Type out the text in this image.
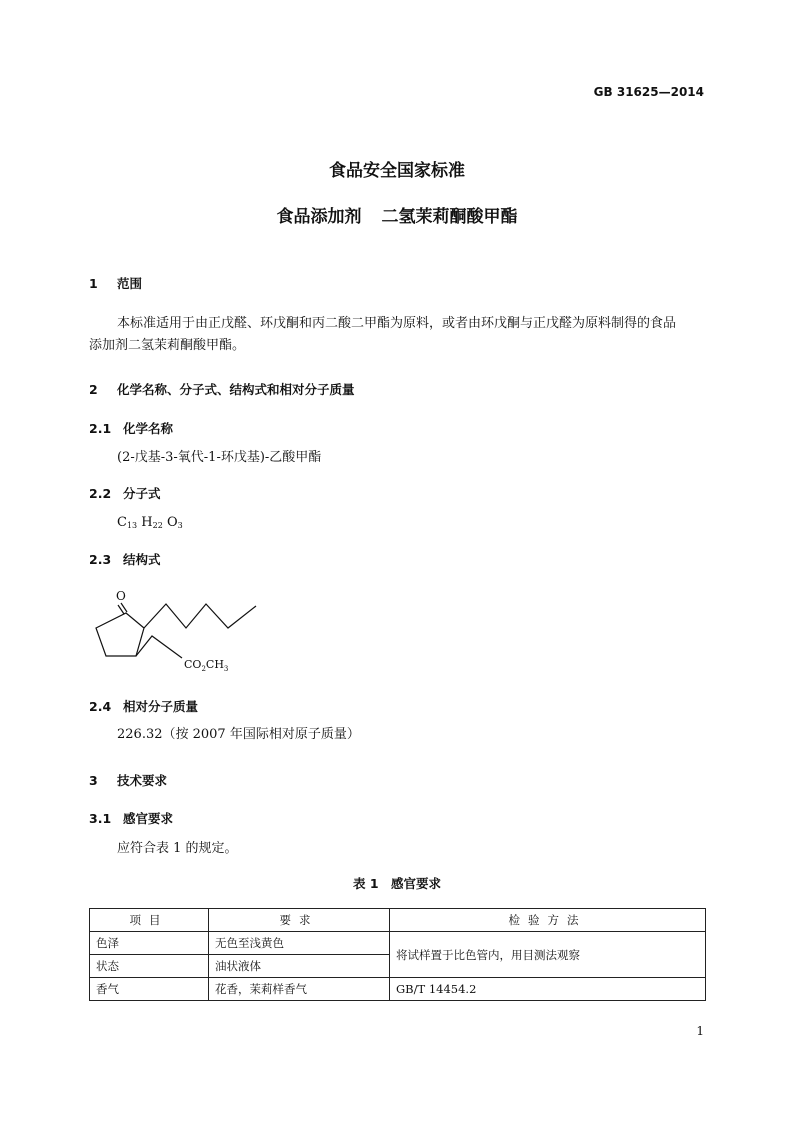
GB 31625—2014
食品安全国家标准
食品添加剂 二氢茉莉酮酸甲酯
1 范围
本标准适用于由正戊醛、环戊酮和丙二酸二甲酯为原料，或者由环戊酮与正戊醛为原料制得的食品
添加剂二氢茉莉酮酸甲酯。
2 化学名称、分子式、结构式和相对分子质量
2.1 化学名称
(2-戊基-3-氧代-1-环戊基)-乙酸甲酯
2.2 分子式
$C_{13}$ $H_{22}$ $O_3$
2.3 结构式
O
$CO_2CH_3$
2.4 相对分子质量
226.32（按 2007 年国际相对原子质量）
3 技术要求
3.1 感官要求
应符合表 1 的规定。
表 1　感官要求
项目	要求	检验方法
色泽	无色至浅黄色	将试样置于比色管内，用目测法观察
状态	油状液体	
香气	花香，茉莉样香气	GB/T 14454.2
1
